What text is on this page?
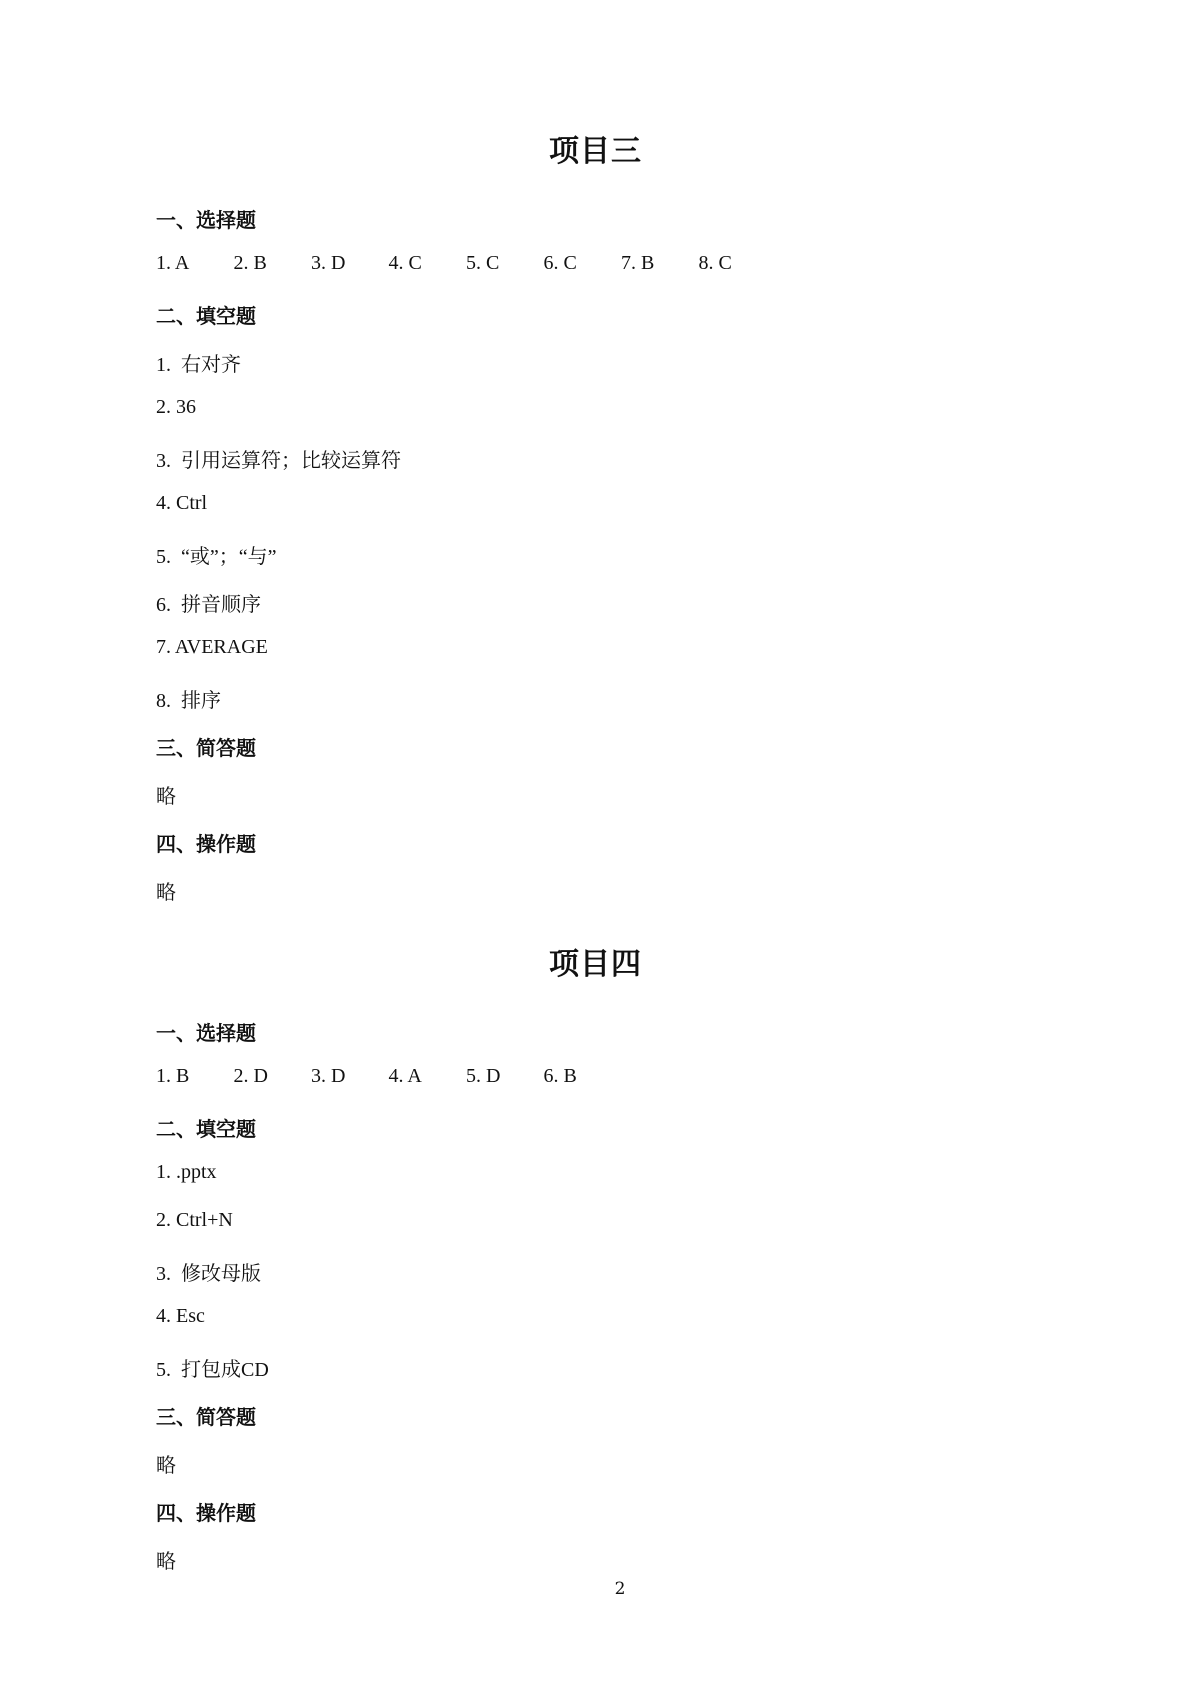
项目三
一、选择题
1. A 2. B 3. D 4. C 5. C 6. C 7. B 8. C
二、填空题
1.  右对齐
2. 36
3.  引用运算符；比较运算符
4. Ctrl
5.  “或”；“与”
6.  拼音顺序
7. AVERAGE
8.  排序
三、简答题
略
四、操作题
略
项目四
一、选择题
1. B 2. D 3. D 4. A 5. D 6. B
二、填空题
1. .pptx
2. Ctrl+N
3.  修改母版
4. Esc
5.  打包成CD
三、简答题
略
四、操作题
略
2
